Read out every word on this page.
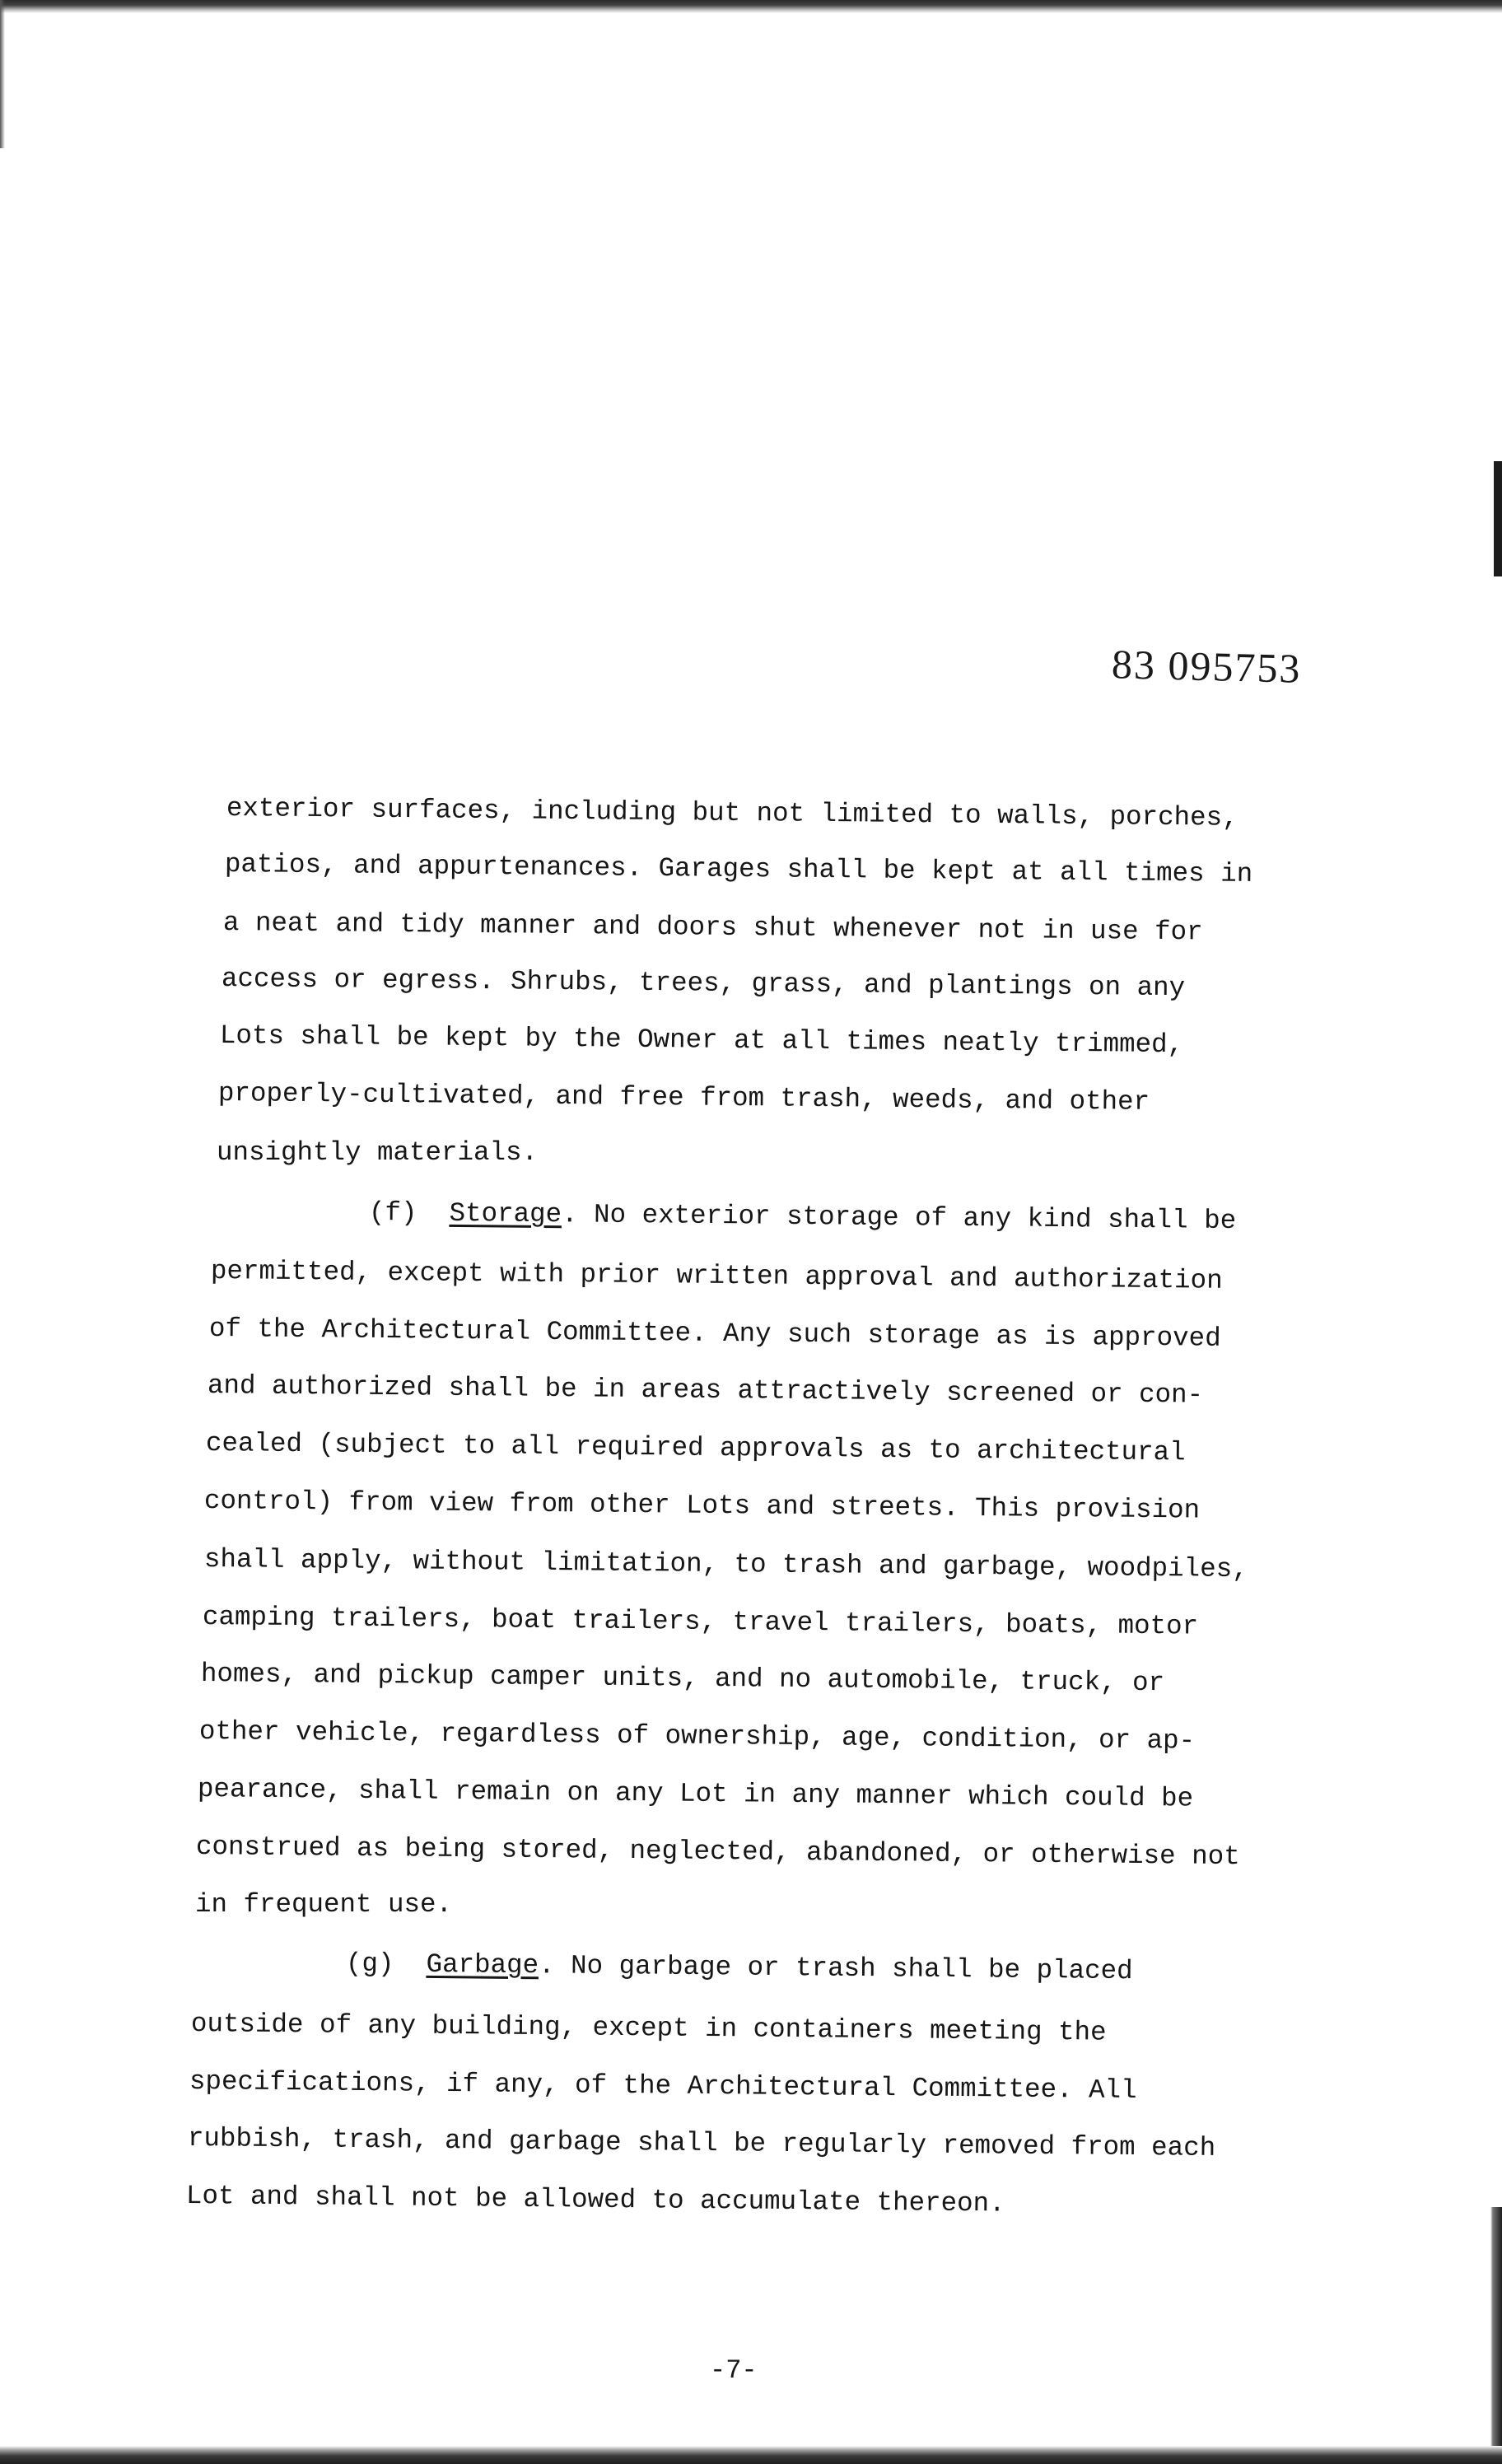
83 095753
exterior surfaces, including but not limited to walls, porches,
patios, and appurtenances. Garages shall be kept at all times in
a neat and tidy manner and doors shut whenever not in use for
access or egress. Shrubs, trees, grass, and plantings on any
Lots shall be kept by the Owner at all times neatly trimmed,
properly-cultivated, and free from trash, weeds, and other
unsightly materials.
(f) Storage. No exterior storage of any kind shall be
permitted, except with prior written approval and authorization
of the Architectural Committee. Any such storage as is approved
and authorized shall be in areas attractively screened or con-
cealed (subject to all required approvals as to architectural
control) from view from other Lots and streets. This provision
shall apply, without limitation, to trash and garbage, woodpiles,
camping trailers, boat trailers, travel trailers, boats, motor
homes, and pickup camper units, and no automobile, truck, or
other vehicle, regardless of ownership, age, condition, or ap-
pearance, shall remain on any Lot in any manner which could be
construed as being stored, neglected, abandoned, or otherwise not
in frequent use.
(g) Garbage. No garbage or trash shall be placed
outside of any building, except in containers meeting the
specifications, if any, of the Architectural Committee. All
rubbish, trash, and garbage shall be regularly removed from each
Lot and shall not be allowed to accumulate thereon.
-7-
